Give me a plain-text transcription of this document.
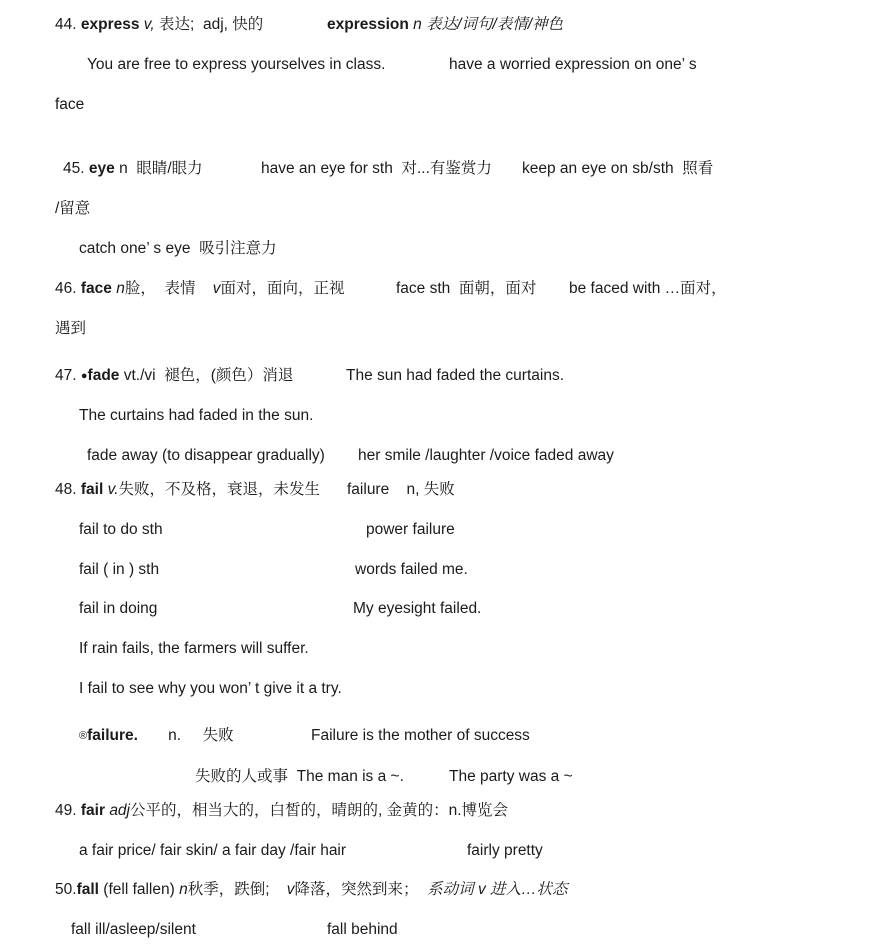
44. express v, 表达; adj, 快的	expression n 表达/词句/表情/神色
You are free to express yourselves in class.	have a worried expression on one’ s
face
45. eye n 眼睛/眼力	have an eye for sth 对...有鉴赏力 keep an eye on sb/sth 照看
/留意
catch one’ s eye 吸引注意力
46. face n脸， 表情 v面对，面向，正视	face sth 面朝，面对 be faced with …面对，
遇到
47. ●fade vt./vi 褪色，(颜色）消退	The sun had faded the curtains.
The curtains had faded in the sun.
fade away (to disappear gradually) her smile /laughter /voice faded away
48. fail v.失败，不及格，衰退，未发生 failure n, 失败
fail to do sth	power failure
fail ( in ) sth	words failed me.
fail in doing	My eyesight failed.
If rain fails, the farmers will suffer.
I fail to see why you won’ t give it a try.
®failure. n. 失败	Failure is the mother of success
失败的人或事 The man is a ~.	The party was a ~
49. fair adj公平的，相当大的，白皙的，晴朗的, 金黄的：n.博览会
a fair price/ fair skin/ a fair day /fair hair	fairly pretty
50.fall (fell fallen) n秋季，跌倒; v降落，突然到来； 系动词 v 进入…状态
fall ill/asleep/silent	fall behind
